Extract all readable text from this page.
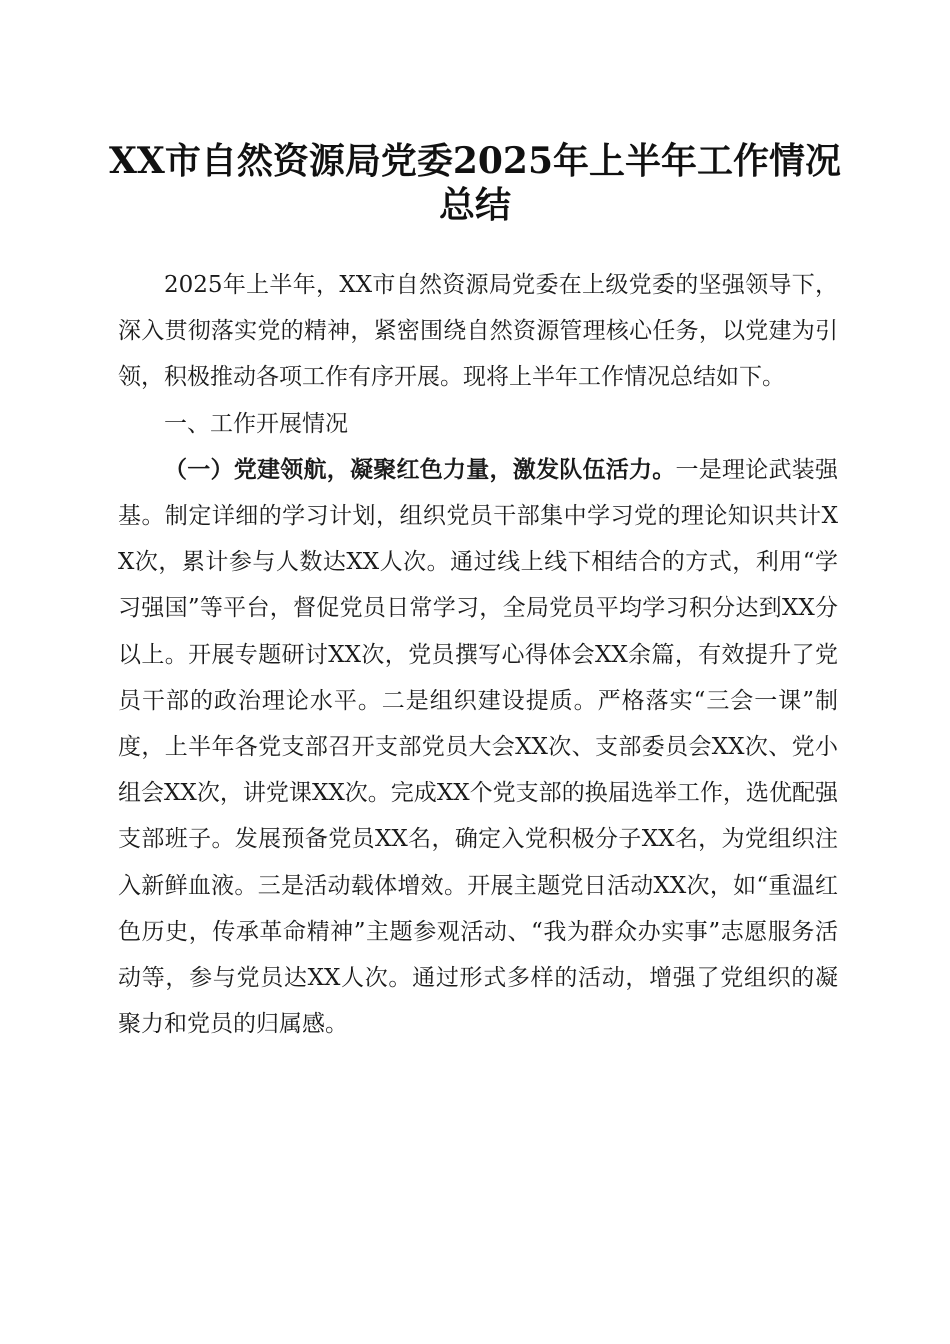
XX市自然资源局党委2025年上半年工作情况
总结

2025年上半年，XX市自然资源局党委在上级党委的坚强领导下，深入贯彻落实党的精神，紧密围绕自然资源管理核心任务，以党建为引领，积极推动各项工作有序开展。现将上半年工作情况总结如下。

一、工作开展情况

（一）党建领航，凝聚红色力量，激发队伍活力。一是理论武装强基。制定详细的学习计划，组织党员干部集中学习党的理论知识共计XX次，累计参与人数达XX人次。通过线上线下相结合的方式，利用“学习强国”等平台，督促党员日常学习，全局党员平均学习积分达到XX分以上。开展专题研讨XX次，党员撰写心得体会XX余篇，有效提升了党员干部的政治理论水平。二是组织建设提质。严格落实“三会一课”制度，上半年各党支部召开支部党员大会XX次、支部委员会XX次、党小组会XX次，讲党课XX次。完成XX个党支部的换届选举工作，选优配强支部班子。发展预备党员XX名，确定入党积极分子XX名，为党组织注入新鲜血液。三是活动载体增效。开展主题党日活动XX次，如“重温红色历史，传承革命精神”主题参观活动、“我为群众办实事”志愿服务活动等，参与党员达XX人次。通过形式多样的活动，增强了党组织的凝聚力和党员的归属感。
